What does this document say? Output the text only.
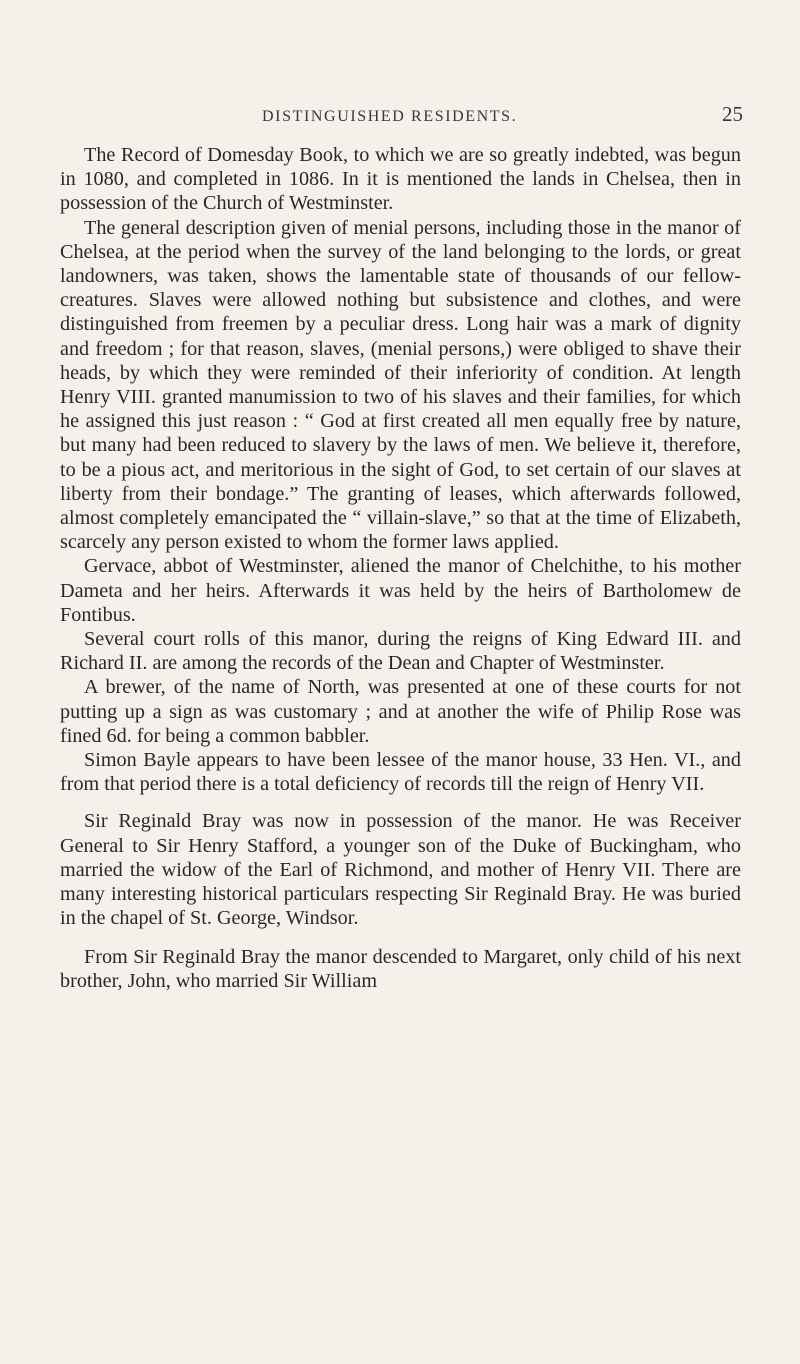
DISTINGUISHED RESIDENTS.	25

The Record of Domesday Book, to which we are so greatly indebted, was begun in 1080, and completed in 1086. In it is mentioned the lands in Chelsea, then in possession of the Church of Westminster.

The general description given of menial persons, including those in the manor of Chelsea, at the period when the survey of the land belonging to the lords, or great landowners, was taken, shows the lamentable state of thousands of our fellow-creatures. Slaves were allowed nothing but subsistence and clothes, and were distinguished from freemen by a peculiar dress. Long hair was a mark of dignity and freedom ; for that reason, slaves, (menial persons,) were obliged to shave their heads, by which they were reminded of their inferiority of condition. At length Henry VIII. granted manumission to two of his slaves and their families, for which he assigned this just reason : “ God at first created all men equally free by nature, but many had been reduced to slavery by the laws of men. We believe it, therefore, to be a pious act, and meritorious in the sight of God, to set certain of our slaves at liberty from their bondage.” The granting of leases, which afterwards followed, almost completely emancipated the “ villain-slave,” so that at the time of Elizabeth, scarcely any person existed to whom the former laws applied.

Gervace, abbot of Westminster, aliened the manor of Chelchithe, to his mother Dameta and her heirs. Afterwards it was held by the heirs of Bartholomew de Fontibus.

Several court rolls of this manor, during the reigns of King Edward III. and Richard II. are among the records of the Dean and Chapter of Westminster.

A brewer, of the name of North, was presented at one of these courts for not putting up a sign as was customary ; and at another the wife of Philip Rose was fined 6d. for being a common babbler.

Simon Bayle appears to have been lessee of the manor house, 33 Hen. VI., and from that period there is a total deficiency of records till the reign of Henry VII.

Sir Reginald Bray was now in possession of the manor. He was Receiver General to Sir Henry Stafford, a younger son of the Duke of Buckingham, who married the widow of the Earl of Richmond, and mother of Henry VII. There are many interesting historical particulars respecting Sir Reginald Bray. He was buried in the chapel of St. George, Windsor.

From Sir Reginald Bray the manor descended to Margaret, only child of his next brother, John, who married Sir William
